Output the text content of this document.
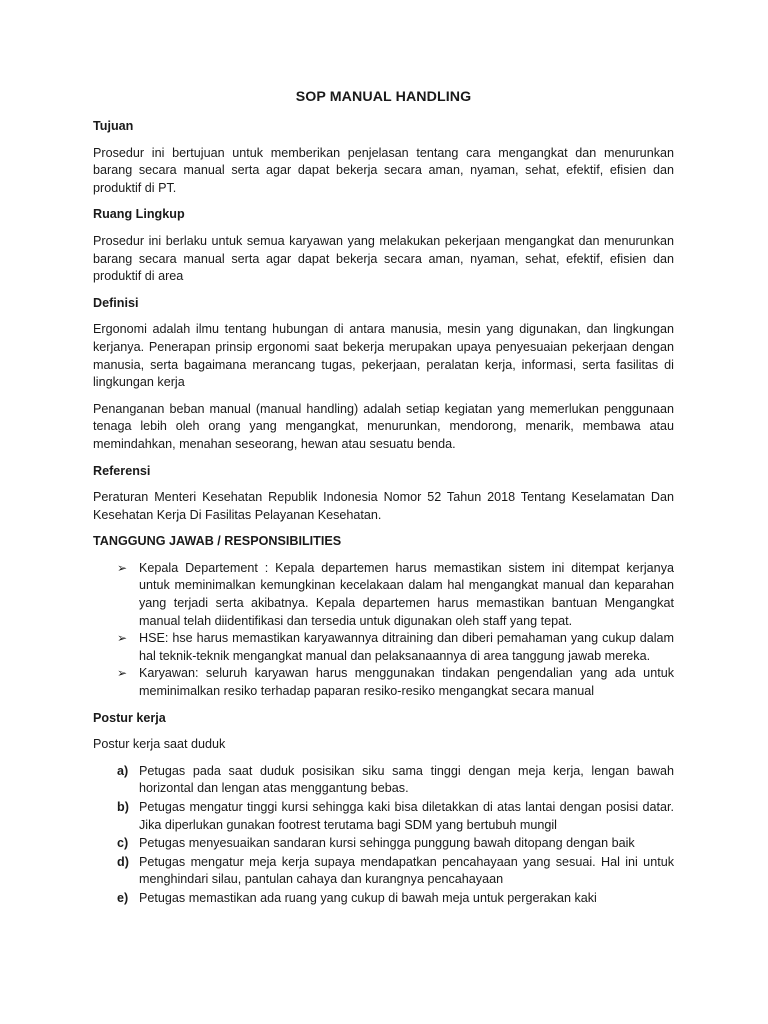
SOP MANUAL HANDLING
Tujuan
Prosedur ini bertujuan untuk memberikan penjelasan tentang cara mengangkat dan menurunkan barang secara manual serta agar dapat bekerja secara aman, nyaman, sehat, efektif, efisien dan produktif di PT.
Ruang Lingkup
Prosedur ini berlaku untuk semua karyawan yang melakukan pekerjaan mengangkat dan menurunkan barang secara manual serta agar dapat bekerja secara aman, nyaman, sehat, efektif, efisien dan produktif di area
Definisi
Ergonomi adalah ilmu tentang hubungan di antara manusia, mesin yang digunakan, dan lingkungan kerjanya. Penerapan prinsip ergonomi saat bekerja merupakan upaya penyesuaian pekerjaan dengan manusia, serta bagaimana merancang tugas, pekerjaan, peralatan kerja, informasi, serta fasilitas di lingkungan kerja
Penanganan beban manual (manual handling) adalah setiap kegiatan yang memerlukan penggunaan tenaga lebih oleh orang yang mengangkat, menurunkan, mendorong, menarik, membawa atau memindahkan, menahan seseorang, hewan atau sesuatu benda.
Referensi
Peraturan Menteri Kesehatan Republik Indonesia Nomor 52 Tahun 2018 Tentang Keselamatan Dan Kesehatan Kerja Di Fasilitas Pelayanan Kesehatan.
TANGGUNG JAWAB / RESPONSIBILITIES
➢ Kepala Departement : Kepala departemen harus memastikan sistem ini ditempat kerjanya untuk meminimalkan kemungkinan kecelakaan dalam hal mengangkat manual dan keparahan yang terjadi serta akibatnya. Kepala departemen harus memastikan bantuan Mengangkat manual telah diidentifikasi dan tersedia untuk digunakan oleh staff yang tepat.
➢ HSE: hse harus memastikan karyawannya ditraining dan diberi pemahaman yang cukup dalam hal teknik-teknik mengangkat manual dan pelaksanaannya di area tanggung jawab mereka.
➢ Karyawan: seluruh karyawan harus menggunakan tindakan pengendalian yang ada untuk meminimalkan resiko terhadap paparan resiko-resiko mengangkat secara manual
Postur kerja
Postur kerja saat duduk
a) Petugas pada saat duduk posisikan siku sama tinggi dengan meja kerja, lengan bawah horizontal dan lengan atas menggantung bebas.
b) Petugas mengatur tinggi kursi sehingga kaki bisa diletakkan di atas lantai dengan posisi datar. Jika diperlukan gunakan footrest terutama bagi SDM yang bertubuh mungil
c) Petugas menyesuaikan sandaran kursi sehingga punggung bawah ditopang dengan baik
d) Petugas mengatur meja kerja supaya mendapatkan pencahayaan yang sesuai. Hal ini untuk menghindari silau, pantulan cahaya dan kurangnya pencahayaan
e) Petugas memastikan ada ruang yang cukup di bawah meja untuk pergerakan kaki
